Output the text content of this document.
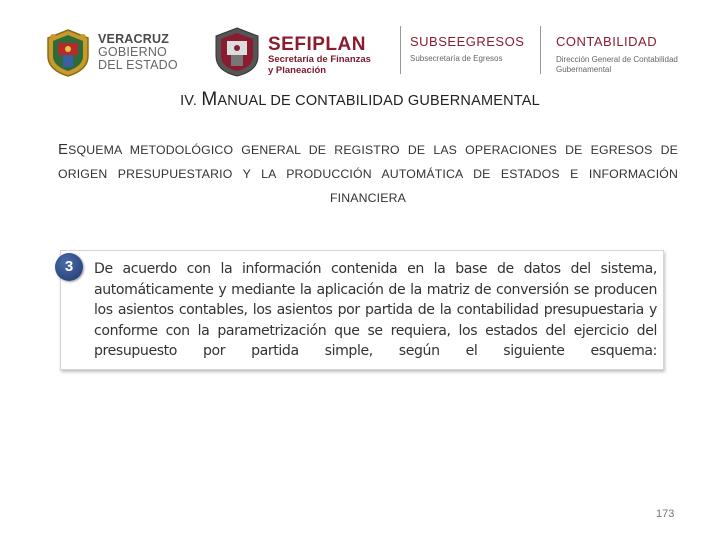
VERACRUZ
GOBIERNO
DEL ESTADO
SEFIPLAN
Secretaría de Finanzas
y Planeación
SUBSEEGRESOS
Subsecretaría de Egresos
CONTABILIDAD
Dirección General de Contabilidad
Gubernamental
IV. MANUAL DE CONTABILIDAD GUBERNAMENTAL
ESQUEMA METODOLÓGICO GENERAL DE REGISTRO DE LAS OPERACIONES DE EGRESOS DE ORIGEN PRESUPUESTARIO Y LA PRODUCCIÓN AUTOMÁTICA DE ESTADOS E INFORMACIÓN FINANCIERA
3	De acuerdo con la información contenida en la base de datos del sistema, automáticamente y mediante la aplicación de la matriz de conversión se producen los asientos contables, los asientos por partida de la contabilidad presupuestaria y conforme con la parametrización que se requiera, los estados del ejercicio del presupuesto por partida simple, según el siguiente esquema:
173
